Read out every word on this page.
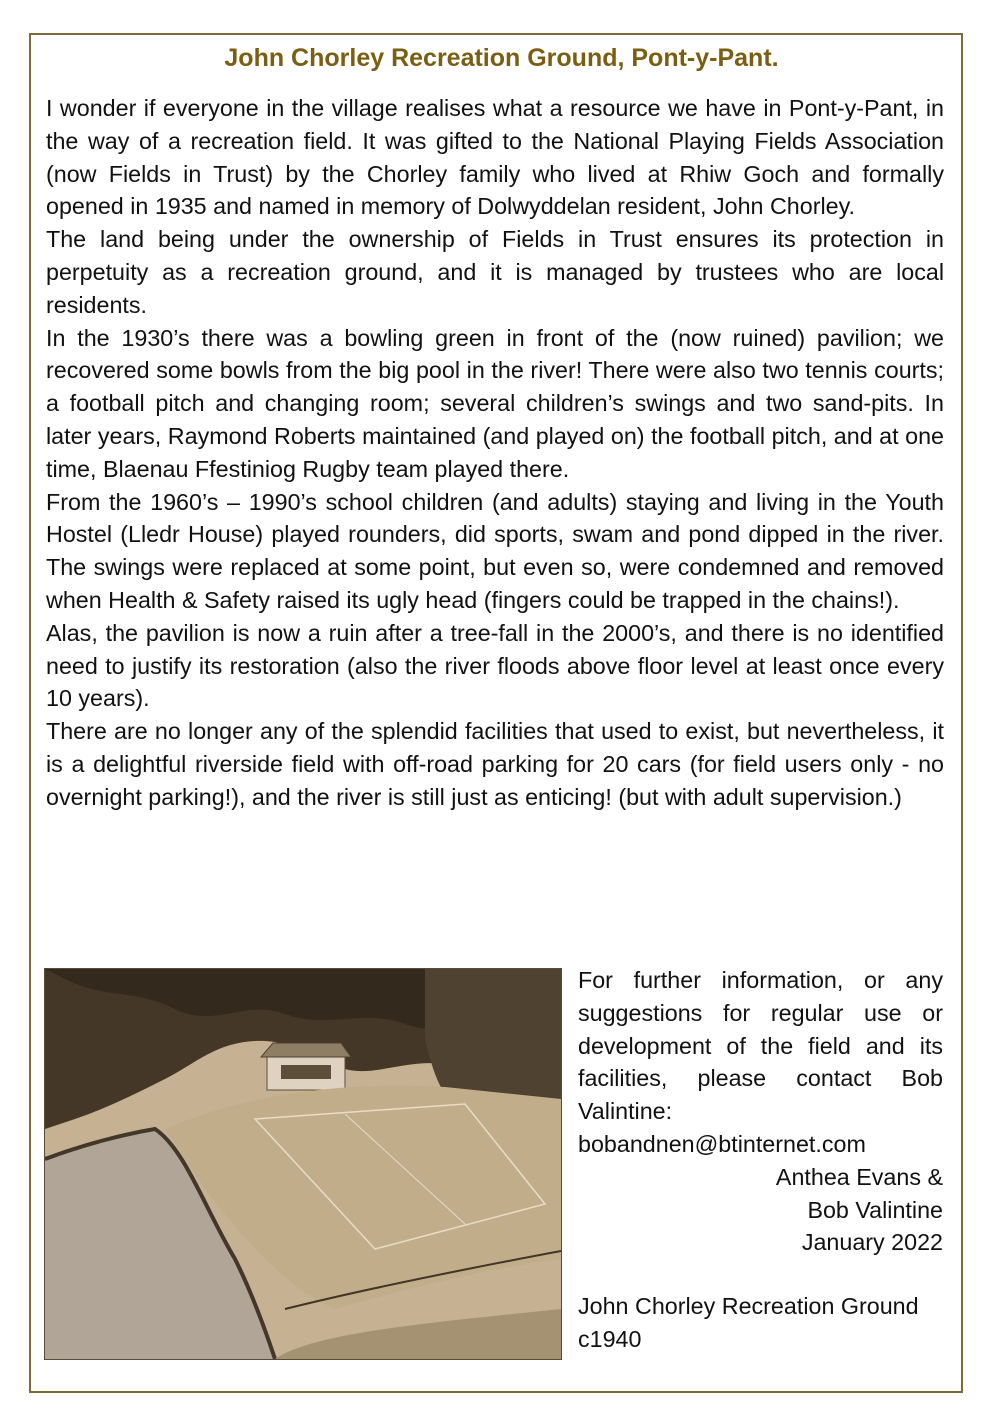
John Chorley Recreation Ground, Pont-y-Pant.

I wonder if everyone in the village realises what a resource we have in Pont-y-Pant, in the way of a recreation field. It was gifted to the National Playing Fields Association (now Fields in Trust) by the Chorley family who lived at Rhiw Goch and formally opened in 1935 and named in memory of Dolwyddelan resident, John Chorley.

The land being under the ownership of Fields in Trust ensures its protection in perpetuity as a recreation ground, and it is managed by trustees who are local residents.

In the 1930’s there was a bowling green in front of the (now ruined) pavilion; we recovered some bowls from the big pool in the river! There were also two tennis courts; a football pitch and changing room; several children’s swings and two sand-pits. In later years, Raymond Roberts maintained (and played on) the football pitch, and at one time, Blaenau Ffestiniog Rugby team played there.

From the 1960’s – 1990’s school children (and adults) staying and living in the Youth Hostel (Lledr House) played rounders, did sports, swam and pond dipped in the river. The swings were replaced at some point, but even so, were condemned and removed when Health & Safety raised its ugly head (fingers could be trapped in the chains!).

Alas, the pavilion is now a ruin after a tree-fall in the 2000’s, and there is no identified need to justify its restoration (also the river floods above floor level at least once every 10 years).

There are no longer any of the splendid facilities that used to exist, but nevertheless, it is a delightful riverside field with off-road parking for 20 cars (for field users only - no overnight parking!), and the river is still just as enticing! (but with adult supervision.)

For further information, or any suggestions for regular use or development of the field and its facilities, please contact Bob Valintine:

bobandnen@btinternet.com

Anthea Evans &

Bob Valintine

January 2022

John Chorley Recreation Ground c1940
